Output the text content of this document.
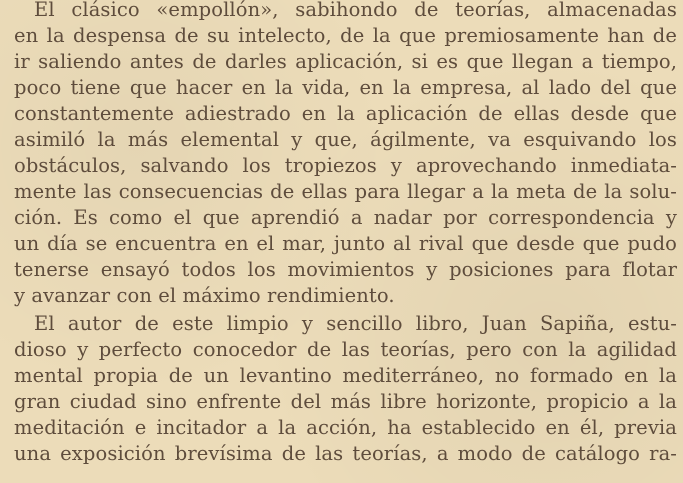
El clásico «empollón», sabihondo de teorías, almacenadas
en la despensa de su intelecto, de la que premiosamente han de
ir saliendo antes de darles aplicación, si es que llegan a tiempo,
poco tiene que hacer en la vida, en la empresa, al lado del que
constantemente adiestrado en la aplicación de ellas desde que
asimiló la más elemental y que, ágilmente, va esquivando los
obstáculos, salvando los tropiezos y aprovechando inmediata-
mente las consecuencias de ellas para llegar a la meta de la solu-
ción. Es como el que aprendió a nadar por correspondencia y
un día se encuentra en el mar, junto al rival que desde que pudo
tenerse ensayó todos los movimientos y posiciones para flotar
y avanzar con el máximo rendimiento.
El autor de este limpio y sencillo libro, Juan Sapiña, estu-
dioso y perfecto conocedor de las teorías, pero con la agilidad
mental propia de un levantino mediterráneo, no formado en la
gran ciudad sino enfrente del más libre horizonte, propicio a la
meditación e incitador a la acción, ha establecido en él, previa
una exposición brevísima de las teorías, a modo de catálogo ra-
